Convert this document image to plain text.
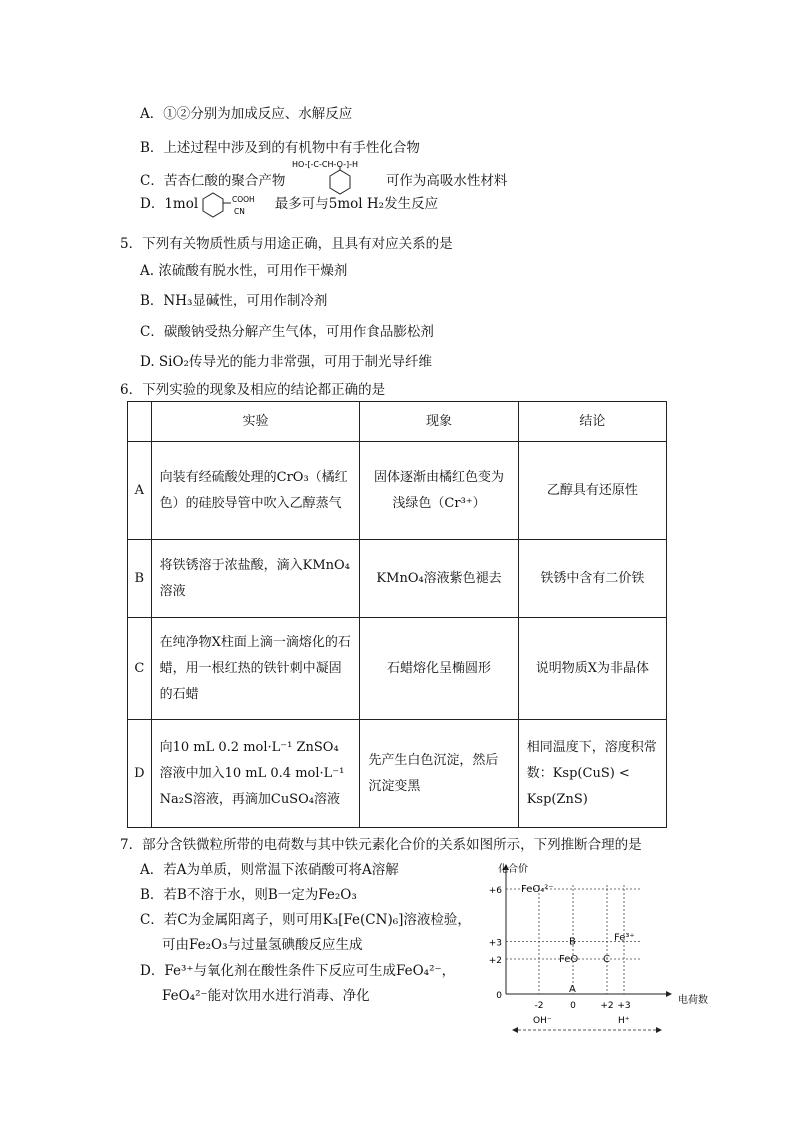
A．①②分别为加成反应、水解反应
B．上述过程中涉及到的有机物中有手性化合物
C．苦杏仁酸的聚合产物	可作为高吸水性材料
HO-[-C-CH-O-]-H
D．1mol	最多可与5mol H₂发生反应
COOH
CN
5．下列有关物质性质与用途正确，且具有对应关系的是
A. 浓硫酸有脱水性，可用作干燥剂
B．NH₃显碱性，可用作制冷剂
C．碳酸钠受热分解产生气体，可用作食品膨松剂
D. SiO₂传导光的能力非常强，可用于制光导纤维
6．下列实验的现象及相应的结论都正确的是
	实验	现象	结论
A	向装有经硫酸处理的CrO₃（橘红色）的硅胶导管中吹入乙醇蒸气	固体逐渐由橘红色变为浅绿色（Cr³⁺）	乙醇具有还原性
B	将铁锈溶于浓盐酸，滴入KMnO₄溶液	KMnO₄溶液紫色褪去	铁锈中含有二价铁
C	在纯净物X柱面上滴一滴熔化的石蜡，用一根红热的铁针刺中凝固的石蜡	石蜡熔化呈椭圆形	说明物质X为非晶体
D	向10 mL 0.2 mol·L⁻¹ ZnSO₄溶液中加入10 mL 0.4 mol·L⁻¹ Na₂S溶液，再滴加CuSO₄溶液	先产生白色沉淀，然后沉淀变黑	相同温度下，溶度积常数：Ksp(CuS) < Ksp(ZnS)
7．部分含铁微粒所带的电荷数与其中铁元素化合价的关系如图所示，下列推断合理的是
A．若A为单质，则常温下浓硝酸可将A溶解
B．若B不溶于水，则B一定为Fe₂O₃
C．若C为金属阳离子，则可用K₃[Fe(CN)₆]溶液检验，
可由Fe₂O₃与过量氢碘酸反应生成
D．Fe³⁺与氧化剂在酸性条件下反应可生成FeO₄²⁻，
FeO₄²⁻能对饮用水进行消毒、净化
化合价
电荷数
+6
+3
+2
0
-2	0	+2 +3
FeO₄²⁻
B	Fe³⁺
FeO C
A
OH⁻	H⁺
